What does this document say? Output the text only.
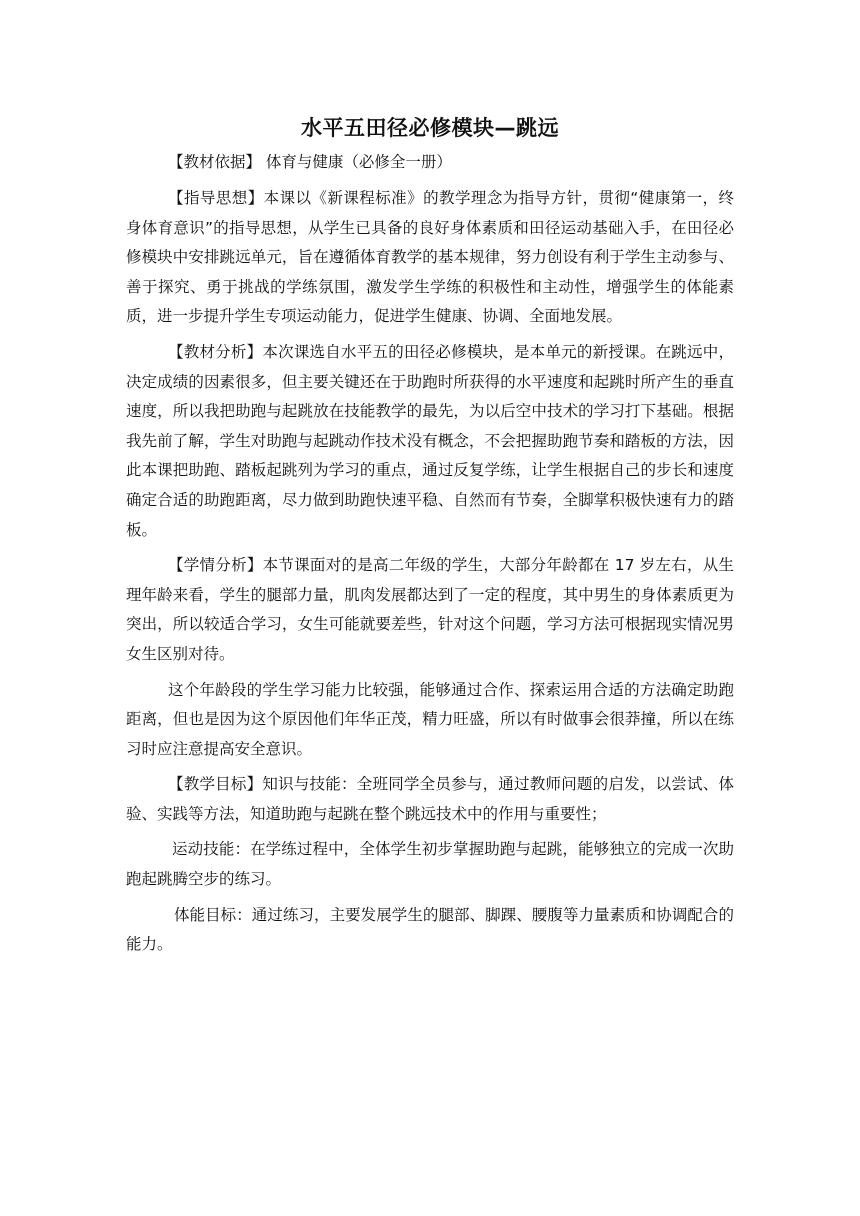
水平五田径必修模块—跳远
【教材依据】 体育与健康（必修全一册）

【指导思想】本课以《新课程标准》的教学理念为指导方针，贯彻“健康第一，终身体育意识”的指导思想，从学生已具备的良好身体素质和田径运动基础入手，在田径必修模块中安排跳远单元，旨在遵循体育教学的基本规律，努力创设有利于学生主动参与、善于探究、勇于挑战的学练氛围，激发学生学练的积极性和主动性，增强学生的体能素质，进一步提升学生专项运动能力，促进学生健康、协调、全面地发展。

【教材分析】本次课选自水平五的田径必修模块，是本单元的新授课。在跳远中，决定成绩的因素很多，但主要关键还在于助跑时所获得的水平速度和起跳时所产生的垂直速度，所以我把助跑与起跳放在技能教学的最先，为以后空中技术的学习打下基础。根据我先前了解，学生对助跑与起跳动作技术没有概念，不会把握助跑节奏和踏板的方法，因此本课把助跑、踏板起跳列为学习的重点，通过反复学练，让学生根据自己的步长和速度确定合适的助跑距离，尽力做到助跑快速平稳、自然而有节奏，全脚掌积极快速有力的踏板。

【学情分析】本节课面对的是高二年级的学生，大部分年龄都在 17 岁左右，从生理年龄来看，学生的腿部力量，肌肉发展都达到了一定的程度，其中男生的身体素质更为突出，所以较适合学习，女生可能就要差些，针对这个问题，学习方法可根据现实情况男女生区别对待。

这个年龄段的学生学习能力比较强，能够通过合作、探索运用合适的方法确定助跑距离，但也是因为这个原因他们年华正茂，精力旺盛，所以有时做事会很莽撞，所以在练习时应注意提高安全意识。

【教学目标】知识与技能：全班同学全员参与，通过教师问题的启发，以尝试、体验、实践等方法，知道助跑与起跳在整个跳远技术中的作用与重要性；

运动技能：在学练过程中，全体学生初步掌握助跑与起跳，能够独立的完成一次助跑起跳腾空步的练习。

体能目标：通过练习，主要发展学生的腿部、脚踝、腰腹等力量素质和协调配合的能力。
